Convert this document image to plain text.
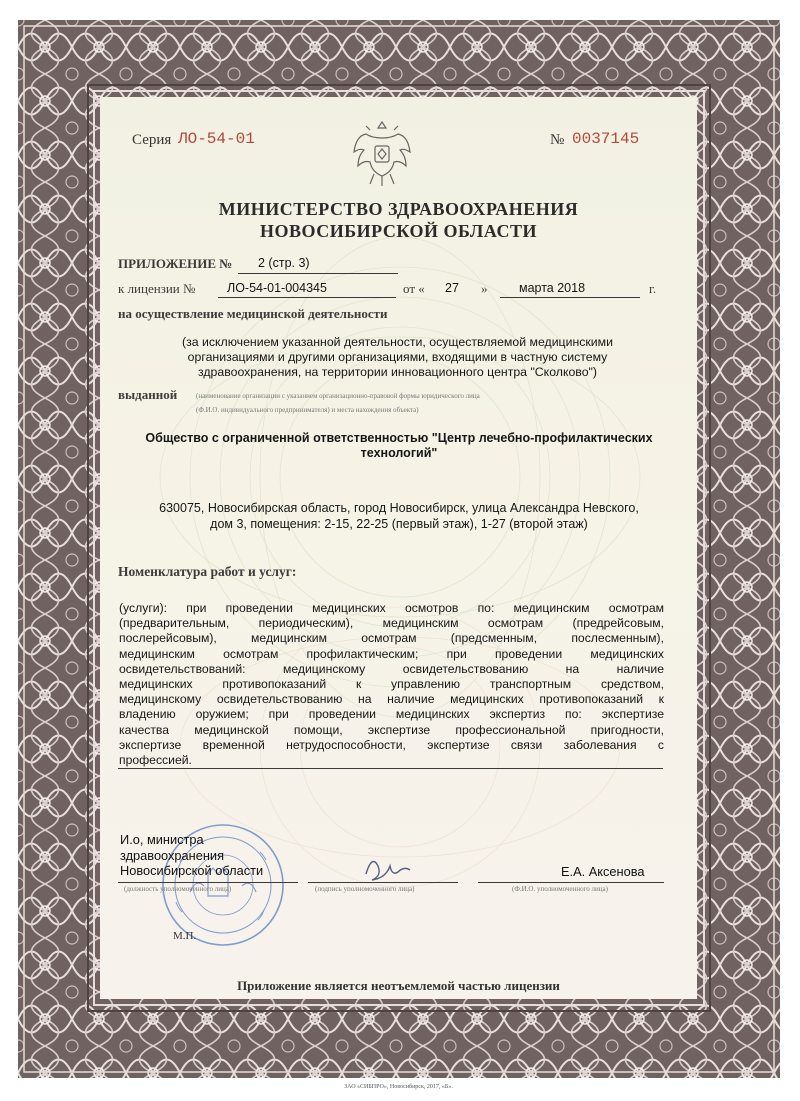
Серия ЛО-54-01	№ 0037145
МИНИСТЕРСТВО ЗДРАВООХРАНЕНИЯ
НОВОСИБИРСКОЙ ОБЛАСТИ
ПРИЛОЖЕНИЕ № 2 (стр. 3)
к лицензии №	ЛО-54-01-004345	от « 27 »	марта 2018	г.
на осуществление медицинской деятельности
(за исключением указанной деятельности, осуществляемой медицинскими
организациями и другими организациями, входящими в частную систему
здравоохранения, на территории инновационного центра "Сколково")
выданной	(наименование организации с указанием организационно-правовой формы юридического лица
(Ф.И.О. индивидуального предпринимателя) и места нахождения объекта)
Общество с ограниченной ответственностью "Центр лечебно-профилактических
технологий"
630075, Новосибирская область, город Новосибирск, улица Александра Невского,
дом 3, помещения: 2-15, 22-25 (первый этаж), 1-27 (второй этаж)
Номенклатура работ и услуг:
(услуги): при проведении медицинских осмотров по: медицинским осмотрам
(предварительным, периодическим), медицинским осмотрам (предрейсовым,
послерейсовым), медицинским осмотрам (предсменным, послесменным),
медицинским осмотрам профилактическим; при проведении медицинских
освидетельствований: медицинскому освидетельствованию на наличие
медицинских противопоказаний к управлению транспортным средством,
медицинскому освидетельствованию на наличие медицинских противопоказаний к
владению оружием; при проведении медицинских экспертиз по: экспертизе
качества медицинской помощи, экспертизе профессиональной пригодности,
экспертизе временной нетрудоспособности, экспертизе связи заболевания с
профессией.
И.о, министра
здравоохранения
Новосибирской области
(должность уполномоченного лица)	(подпись уполномоченного лица)
Е.А. Аксенова
(Ф.И.О. уполномоченного лица)
М.П.
Приложение является неотъемлемой частью лицензии
ЗАО «СИБПРО», Новосибирск, 2017, «Б».
